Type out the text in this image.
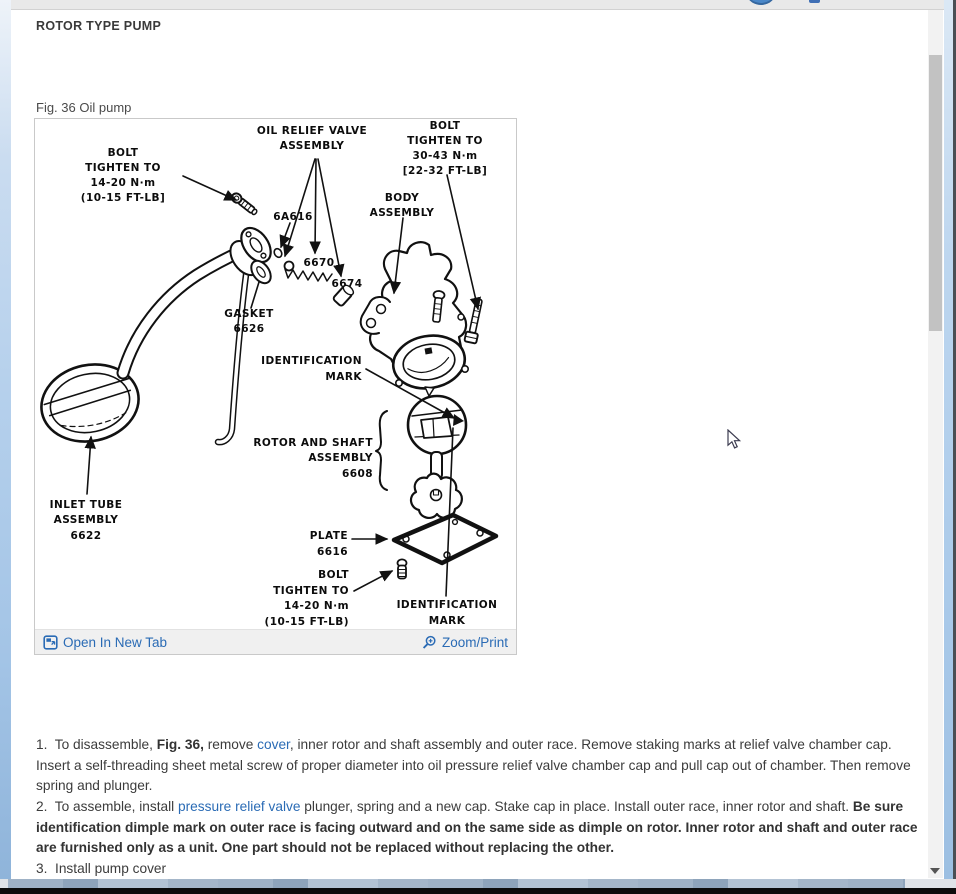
ROTOR TYPE PUMP
Fig. 36 Oil pump
BOLT
TIGHTEN TO
14-20 N·m
(10-15 FT-LB]
OIL RELIEF VALVE
ASSEMBLY
BOLT
TIGHTEN TO
30-43 N·m
[22-32 FT-LB]
BODY
ASSEMBLY
6A616
6670
6674
GASKET
6626
IDENTIFICATION
MARK
ROTOR AND SHAFT
ASSEMBLY
6608
INLET TUBE
ASSEMBLY
6622	PLATE
6616
BOLT
TIGHTEN TO
14-20 N·m
(10-15 FT-LB)
IDENTIFICATION
MARK
Open In New Tab	Zoom/Print

1.  To disassemble, Fig. 36, remove cover, inner rotor and shaft assembly and outer race. Remove staking marks at relief valve chamber cap. Insert a self-threading sheet metal screw of proper diameter into oil pressure relief valve chamber cap and pull cap out of chamber. Then remove spring and plunger.

2.  To assemble, install pressure relief valve plunger, spring and a new cap. Stake cap in place. Install outer race, inner rotor and shaft. Be sure identification dimple mark on outer race is facing outward and on the same side as dimple on rotor. Inner rotor and shaft and outer race are furnished only as a unit. One part should not be replaced without replacing the other.

3.  Install pump cover
